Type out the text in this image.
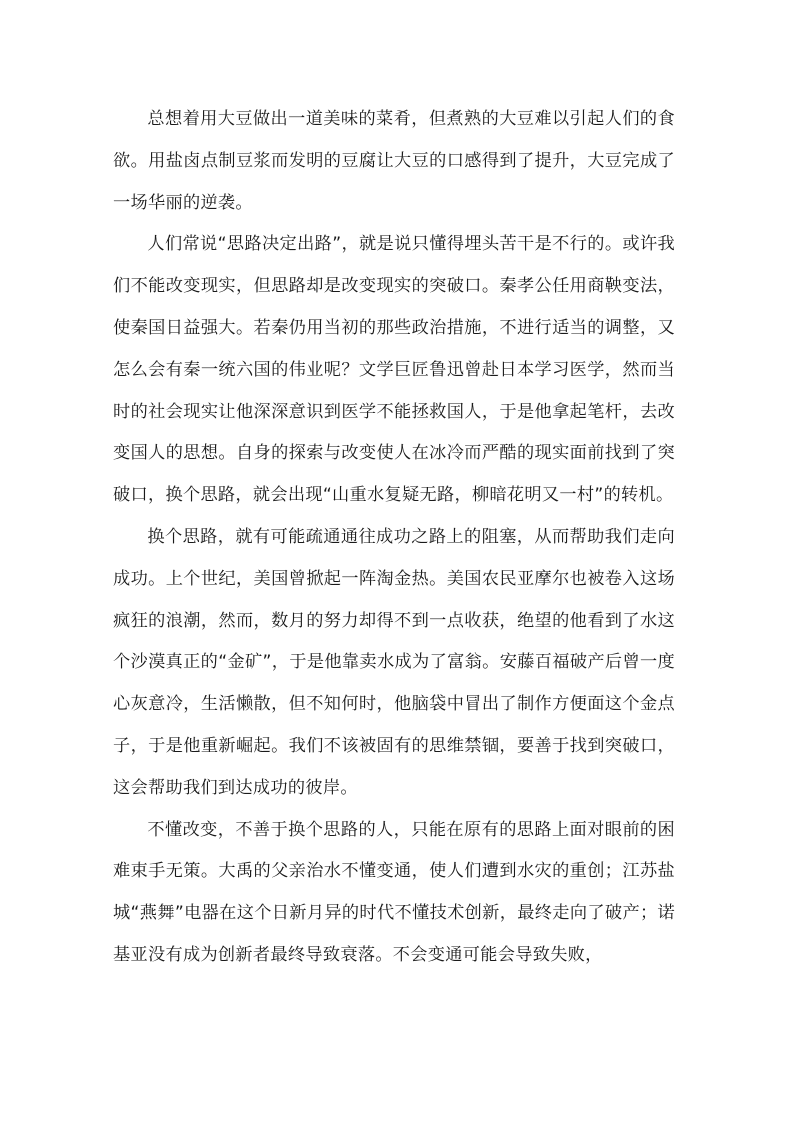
总想着用大豆做出一道美味的菜肴，但煮熟的大豆难以引起人们的食欲。用盐卤点制豆浆而发明的豆腐让大豆的口感得到了提升，大豆完成了一场华丽的逆袭。

人们常说“思路决定出路”，就是说只懂得埋头苦干是不行的。或许我们不能改变现实，但思路却是改变现实的突破口。秦孝公任用商鞅变法，使秦国日益强大。若秦仍用当初的那些政治措施，不进行适当的调整，又怎么会有秦一统六国的伟业呢？文学巨匠鲁迅曾赴日本学习医学，然而当时的社会现实让他深深意识到医学不能拯救国人，于是他拿起笔杆，去改变国人的思想。自身的探索与改变使人在冰冷而严酷的现实面前找到了突破口，换个思路，就会出现“山重水复疑无路，柳暗花明又一村”的转机。

换个思路，就有可能疏通通往成功之路上的阻塞，从而帮助我们走向成功。上个世纪，美国曾掀起一阵淘金热。美国农民亚摩尔也被卷入这场疯狂的浪潮，然而，数月的努力却得不到一点收获，绝望的他看到了水这个沙漠真正的“金矿”，于是他靠卖水成为了富翁。安藤百福破产后曾一度心灰意冷，生活懒散，但不知何时，他脑袋中冒出了制作方便面这个金点子，于是他重新崛起。我们不该被固有的思维禁锢，要善于找到突破口，这会帮助我们到达成功的彼岸。

不懂改变，不善于换个思路的人，只能在原有的思路上面对眼前的困难束手无策。大禹的父亲治水不懂变通，使人们遭到水灾的重创；江苏盐城“燕舞”电器在这个日新月异的时代不懂技术创新，最终走向了破产；诺基亚没有成为创新者最终导致衰落。不会变通可能会导致失败，
